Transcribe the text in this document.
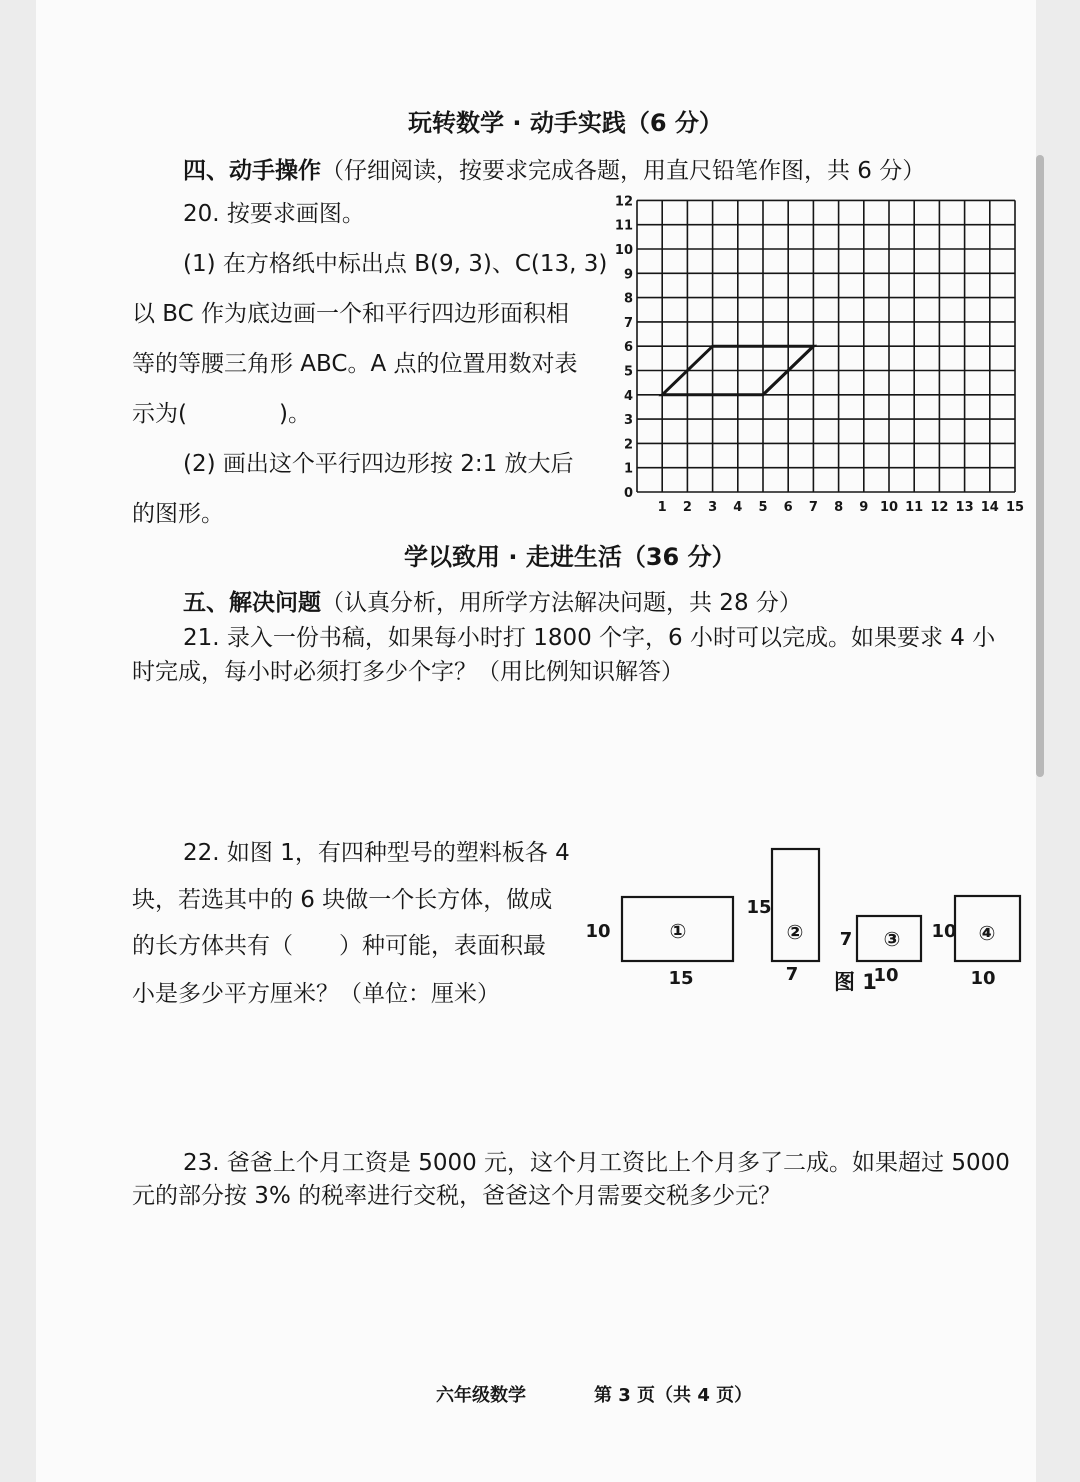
玩转数学 · 动手实践（6 分）
四、动手操作（仔细阅读，按要求完成各题，用直尺铅笔作图，共 6 分）
20. 按要求画图。
(1) 在方格纸中标出点 B(9, 3)、C(13, 3)
以 BC 作为底边画一个和平行四边形面积相
等的等腰三角形 ABC。A 点的位置用数对表
示为(　　　　)。
(2) 画出这个平行四边形按 2:1 放大后
的图形。	1 2 3 4 5 6 7 8 9 10 11 12 13 14 15
0
1
2
3
4
5
6
7
8
9
10
11
12
学以致用 · 走进生活（36 分）
五、解决问题（认真分析，用所学方法解决问题，共 28 分）
21. 录入一份书稿，如果每小时打 1800 个字，6 小时可以完成。如果要求 4 小
时完成，每小时必须打多少个字？（用比例知识解答）
22. 如图 1，有四种型号的塑料板各 4
块，若选其中的 6 块做一个长方体，做成
的长方体共有（　　）种可能，表面积最
小是多少平方厘米？（单位：厘米）
①
10
15
②
15
7
③
7
10
④
10
10
图 1
23. 爸爸上个月工资是 5000 元，这个月工资比上个月多了二成。如果超过 5000
元的部分按 3% 的税率进行交税，爸爸这个月需要交税多少元？
六年级数学	第 3 页（共 4 页）
